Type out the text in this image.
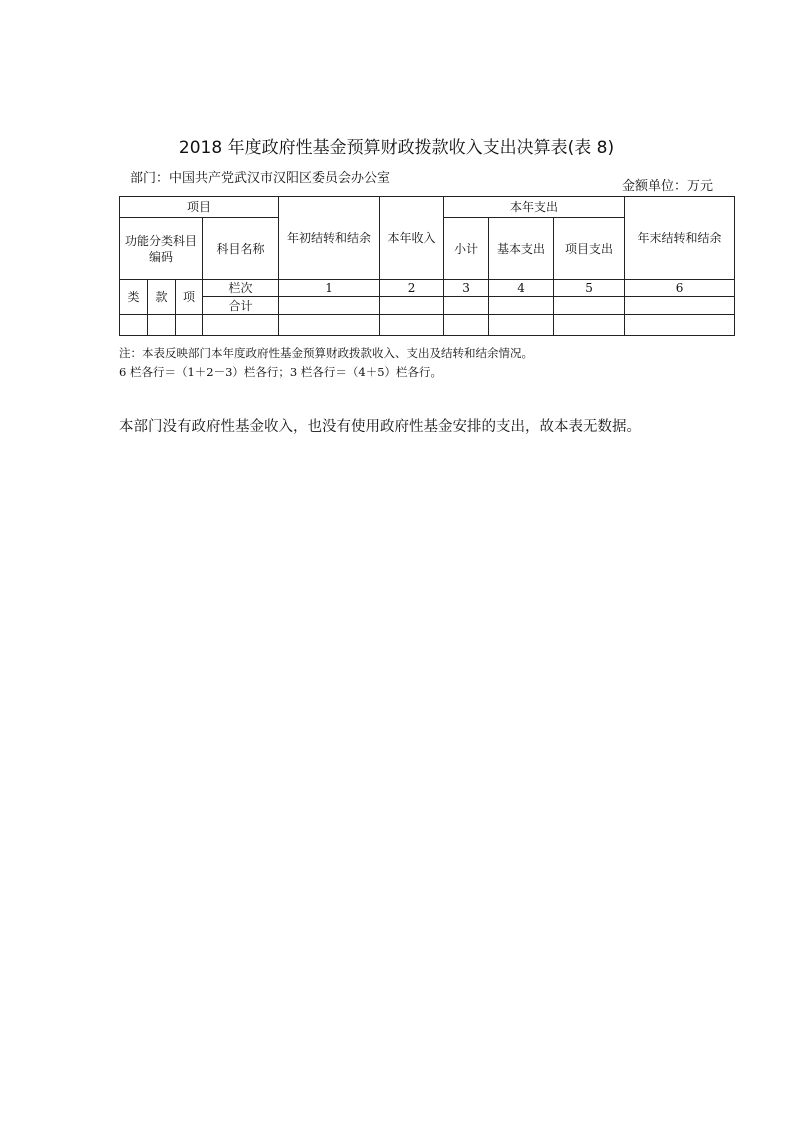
2018 年度政府性基金预算财政拨款收入支出决算表(表 8)
部门：中国共产党武汉市汉阳区委员会办公室
金额单位：万元
项目				年初结转和结余	本年收入	本年支出			年末结转和结余
功能分类科目编码			科目名称			小计	基本支出	项目支出	
类	款	项	栏次	1	2	3	4	5	6
			合计						

注：本表反映部门本年度政府性基金预算财政拨款收入、支出及结转和结余情况。
6 栏各行＝（1＋2－3）栏各行；3 栏各行＝（4＋5）栏各行。
本部门没有政府性基金收入，也没有使用政府性基金安排的支出，故本表无数据。
